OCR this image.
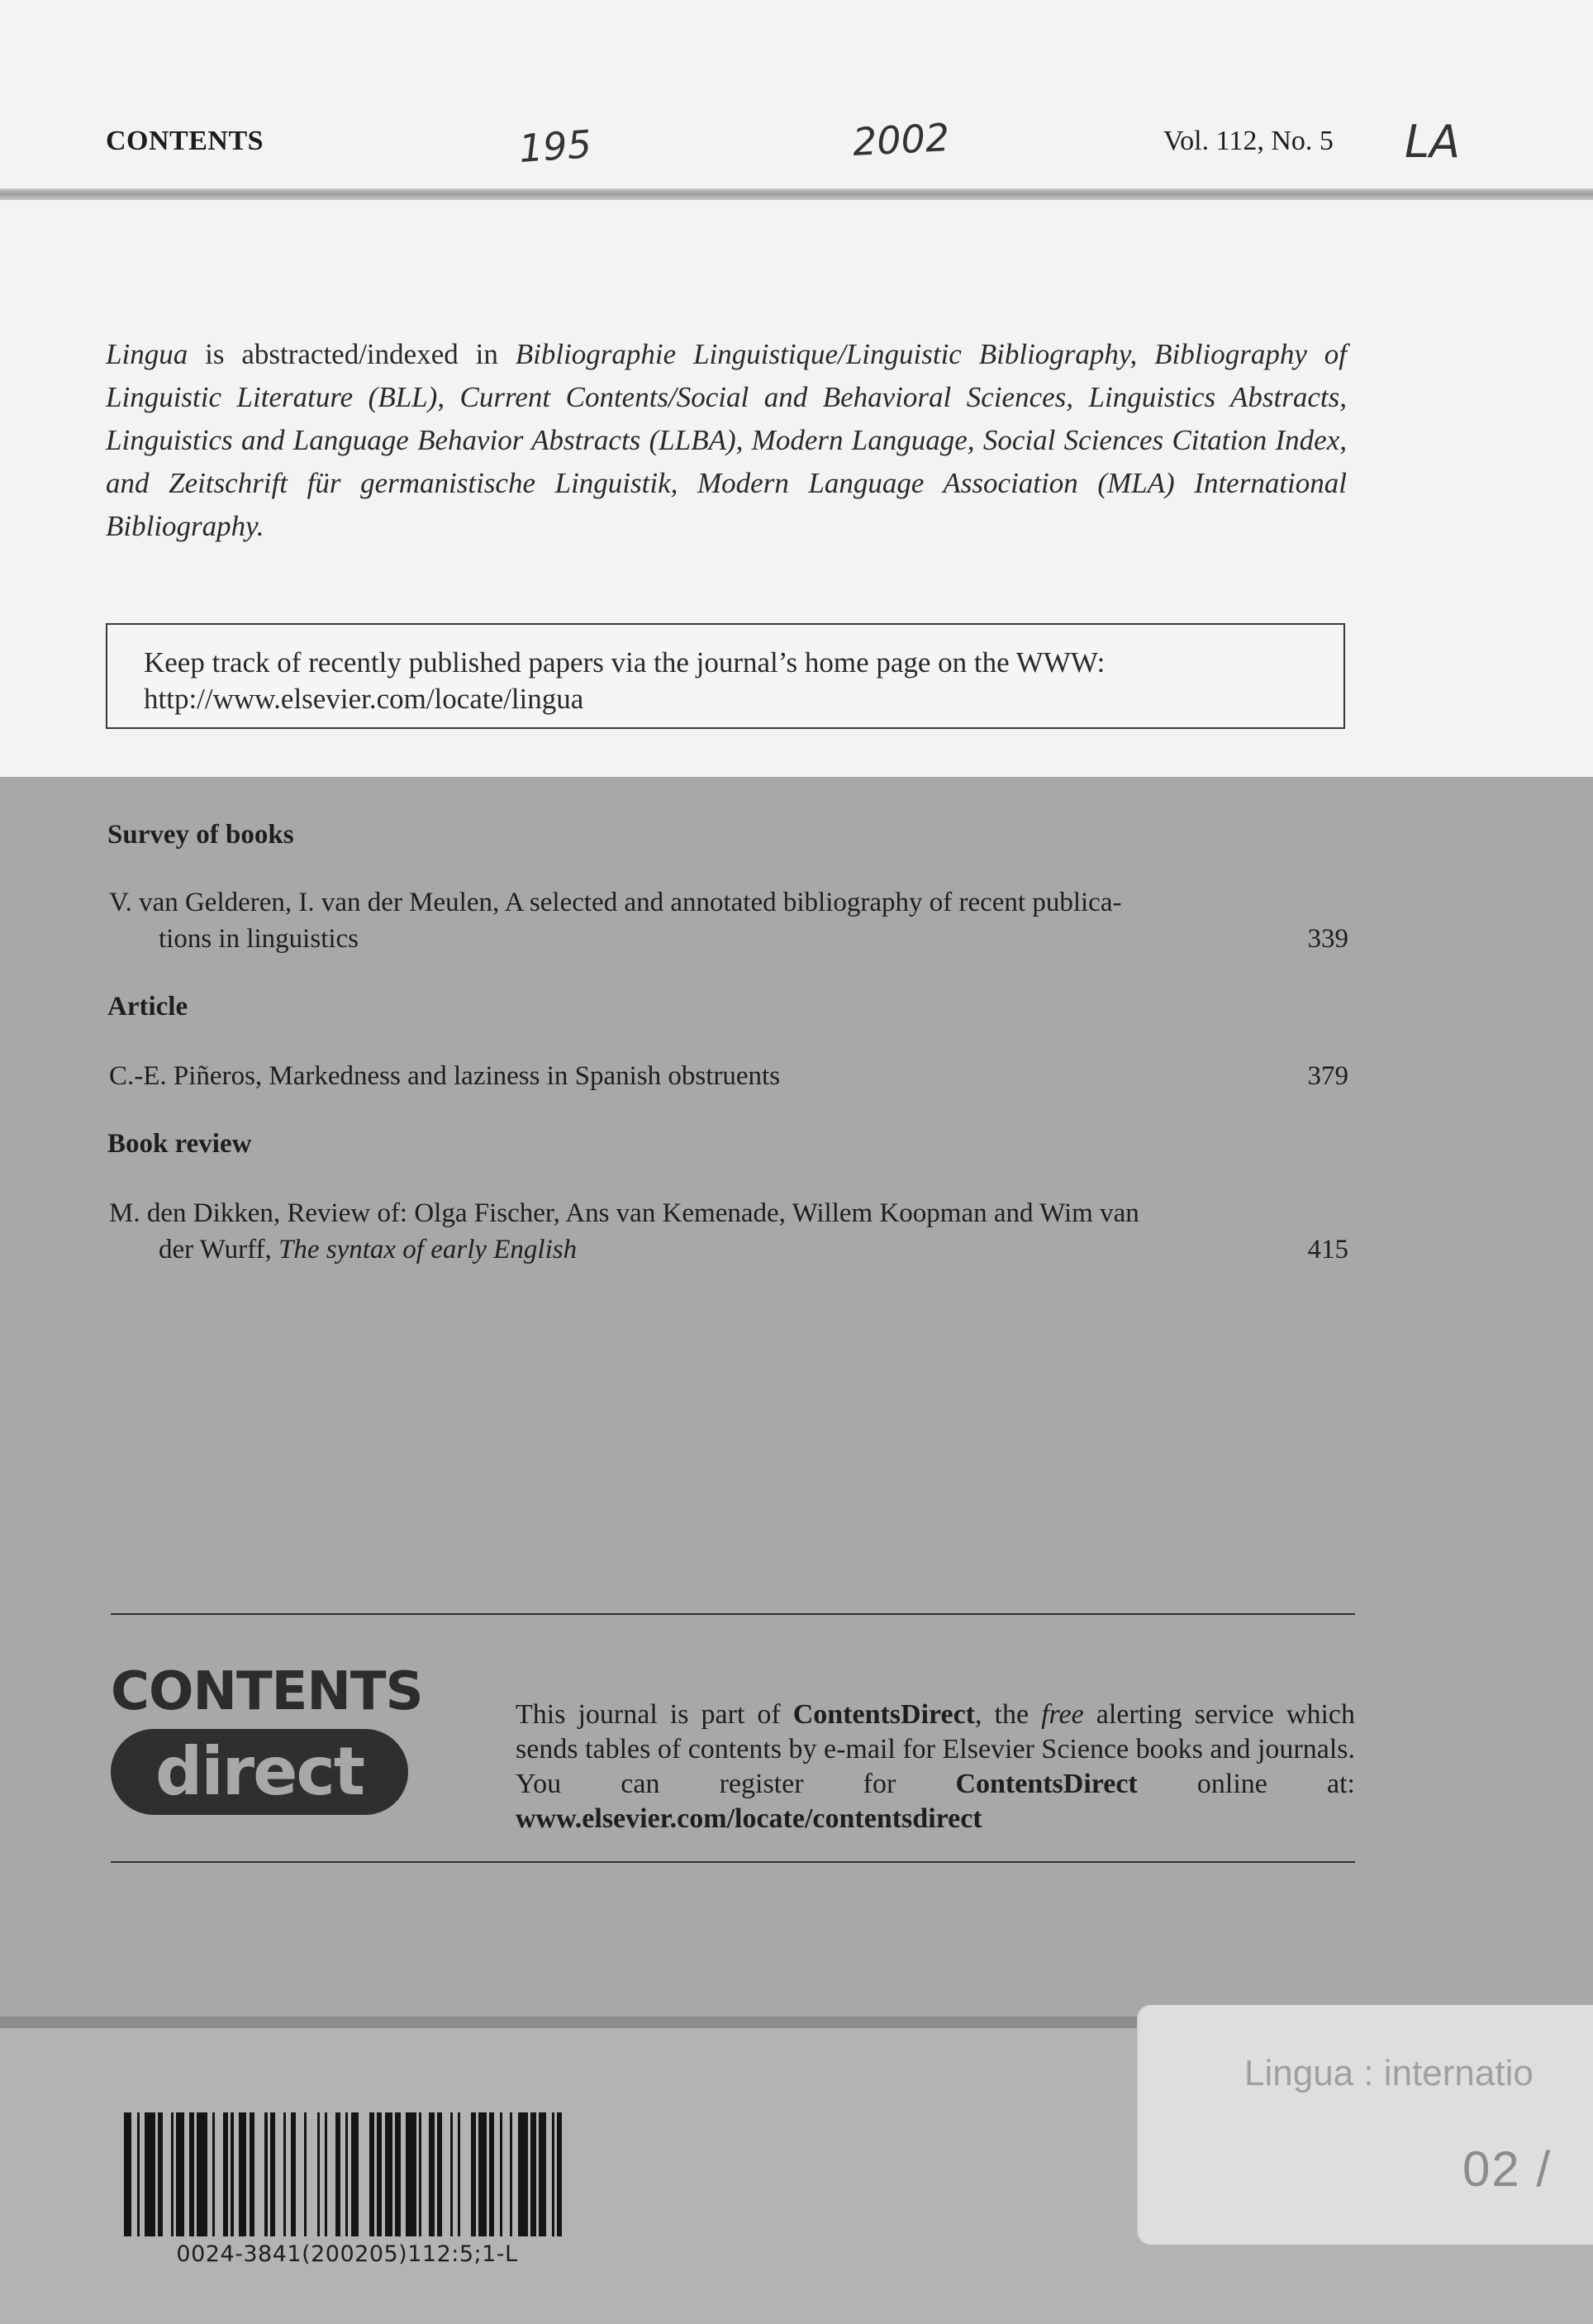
CONTENTS	195	2002	Vol. 112, No. 5 LA

Lingua is abstracted/indexed in Bibliographie Linguistique/Linguistic Bibliography, Bibliography of Linguistic Literature (BLL), Current Contents/Social and Behavioral Sciences, Linguistics Abstracts, Linguistics and Language Behavior Abstracts (LLBA), Modern Language, Social Sciences Citation Index, and Zeitschrift für germanistische Linguistik, Modern Language Association (MLA) International Bibliography.

Keep track of recently published papers via the journal’s home page on the WWW:
http://www.elsevier.com/locate/lingua
Survey of books
V. van Gelderen, I. van der Meulen, A selected and annotated bibliography of recent publica-
tions in linguistics	339
Article
C.-E. Piñeros, Markedness and laziness in Spanish obstruents	379
Book review
M. den Dikken, Review of: Olga Fischer, Ans van Kemenade, Willem Koopman and Wim van
der Wurff, The syntax of early English	415
CONTENTS
direct

This journal is part of ContentsDirect, the free alerting service which sends tables of contents by e-mail for Elsevier Science books and journals. You can register for ContentsDirect online at: www.elsevier.com/locate/contentsdirect

0024-3841(200205)112:5;1-L
Lingua : internatio
02 /
